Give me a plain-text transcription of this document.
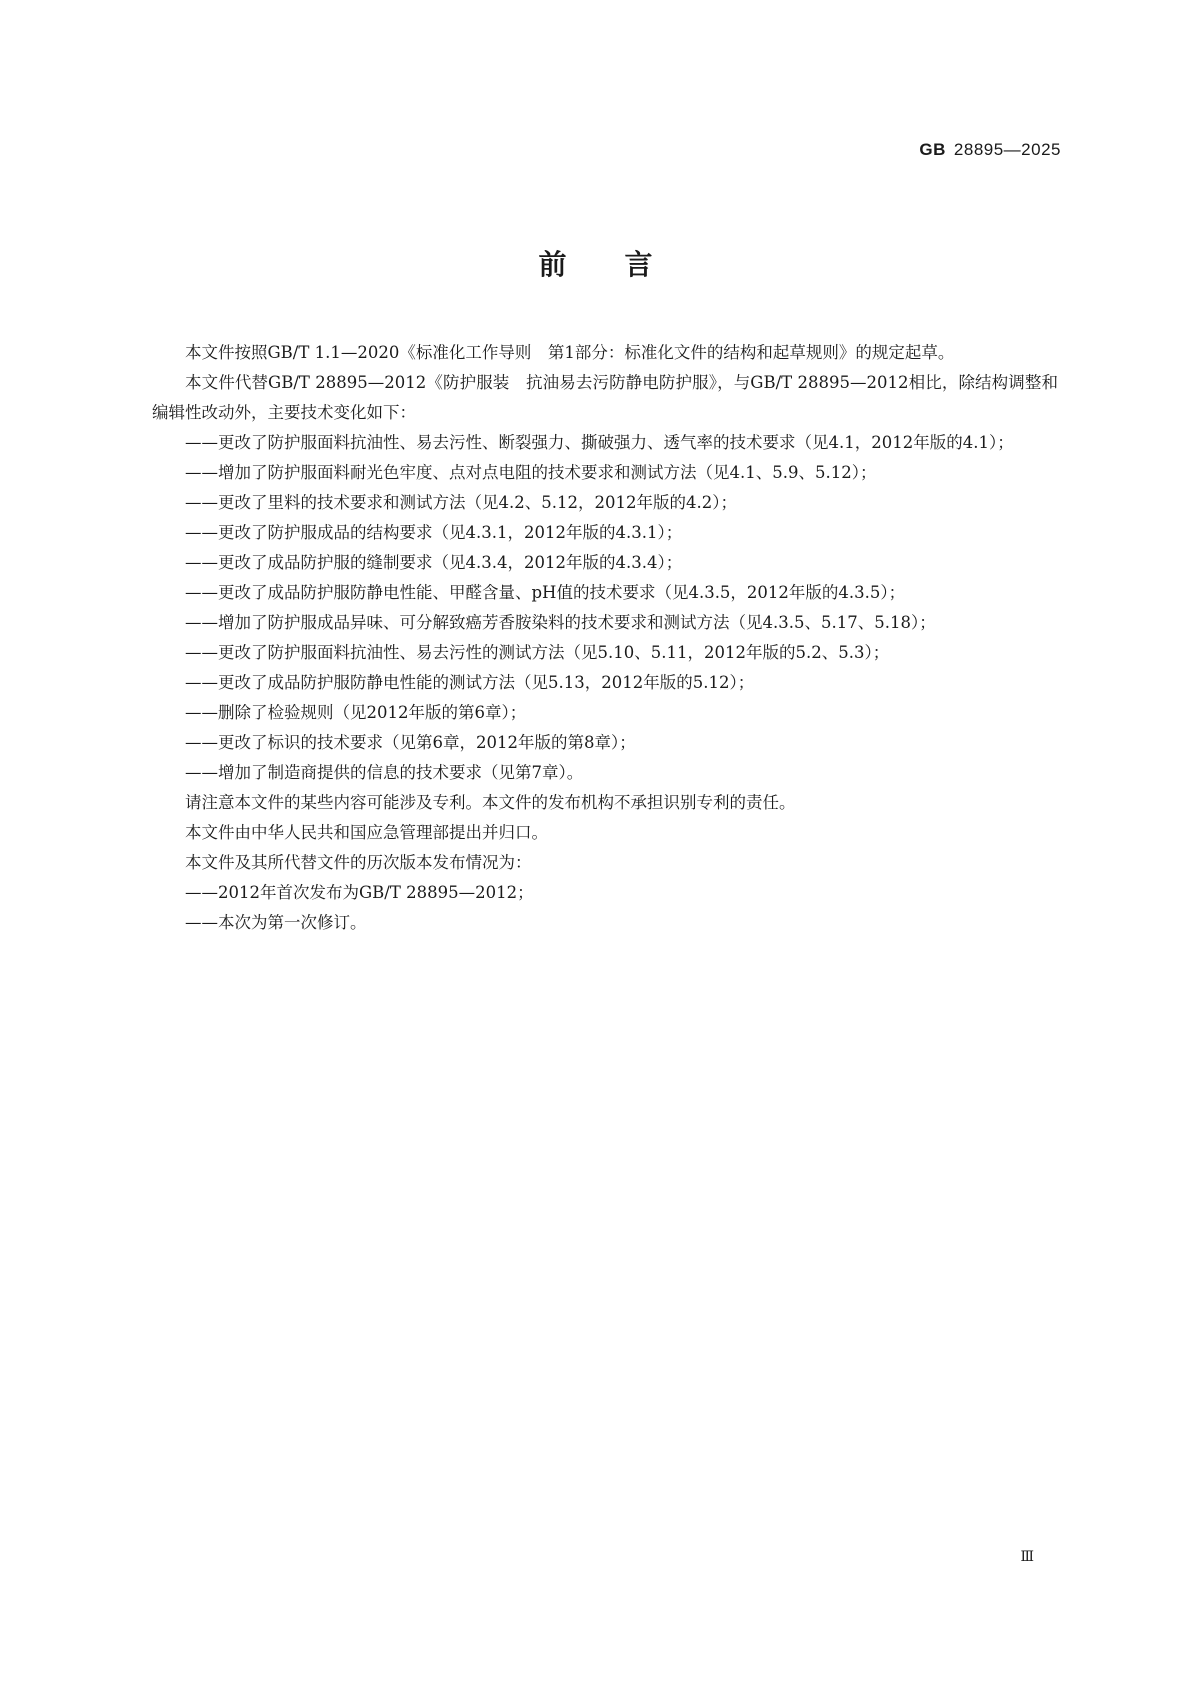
GB 28895—2025
前言

本文件按照GB/T 1.1—2020《标准化工作导则　第1部分：标准化文件的结构和起草规则》的规定起草。

本文件代替GB/T 28895—2012《防护服装　抗油易去污防静电防护服》，与GB/T 28895—2012相比，除结构调整和编辑性改动外，主要技术变化如下：

——更改了防护服面料抗油性、易去污性、断裂强力、撕破强力、透气率的技术要求（见4.1，2012年版的4.1）；

——增加了防护服面料耐光色牢度、点对点电阻的技术要求和测试方法（见4.1、5.9、5.12）；

——更改了里料的技术要求和测试方法（见4.2、5.12，2012年版的4.2）；

——更改了防护服成品的结构要求（见4.3.1，2012年版的4.3.1）；

——更改了成品防护服的缝制要求（见4.3.4，2012年版的4.3.4）；

——更改了成品防护服防静电性能、甲醛含量、pH值的技术要求（见4.3.5，2012年版的4.3.5）；

——增加了防护服成品异味、可分解致癌芳香胺染料的技术要求和测试方法（见4.3.5、5.17、5.18）；

——更改了防护服面料抗油性、易去污性的测试方法（见5.10、5.11，2012年版的5.2、5.3）；

——更改了成品防护服防静电性能的测试方法（见5.13，2012年版的5.12）；

——删除了检验规则（见2012年版的第6章）；

——更改了标识的技术要求（见第6章，2012年版的第8章）；

——增加了制造商提供的信息的技术要求（见第7章）。

请注意本文件的某些内容可能涉及专利。本文件的发布机构不承担识别专利的责任。

本文件由中华人民共和国应急管理部提出并归口。

本文件及其所代替文件的历次版本发布情况为：

——2012年首次发布为GB/T 28895—2012；

——本次为第一次修订。

Ⅲ
